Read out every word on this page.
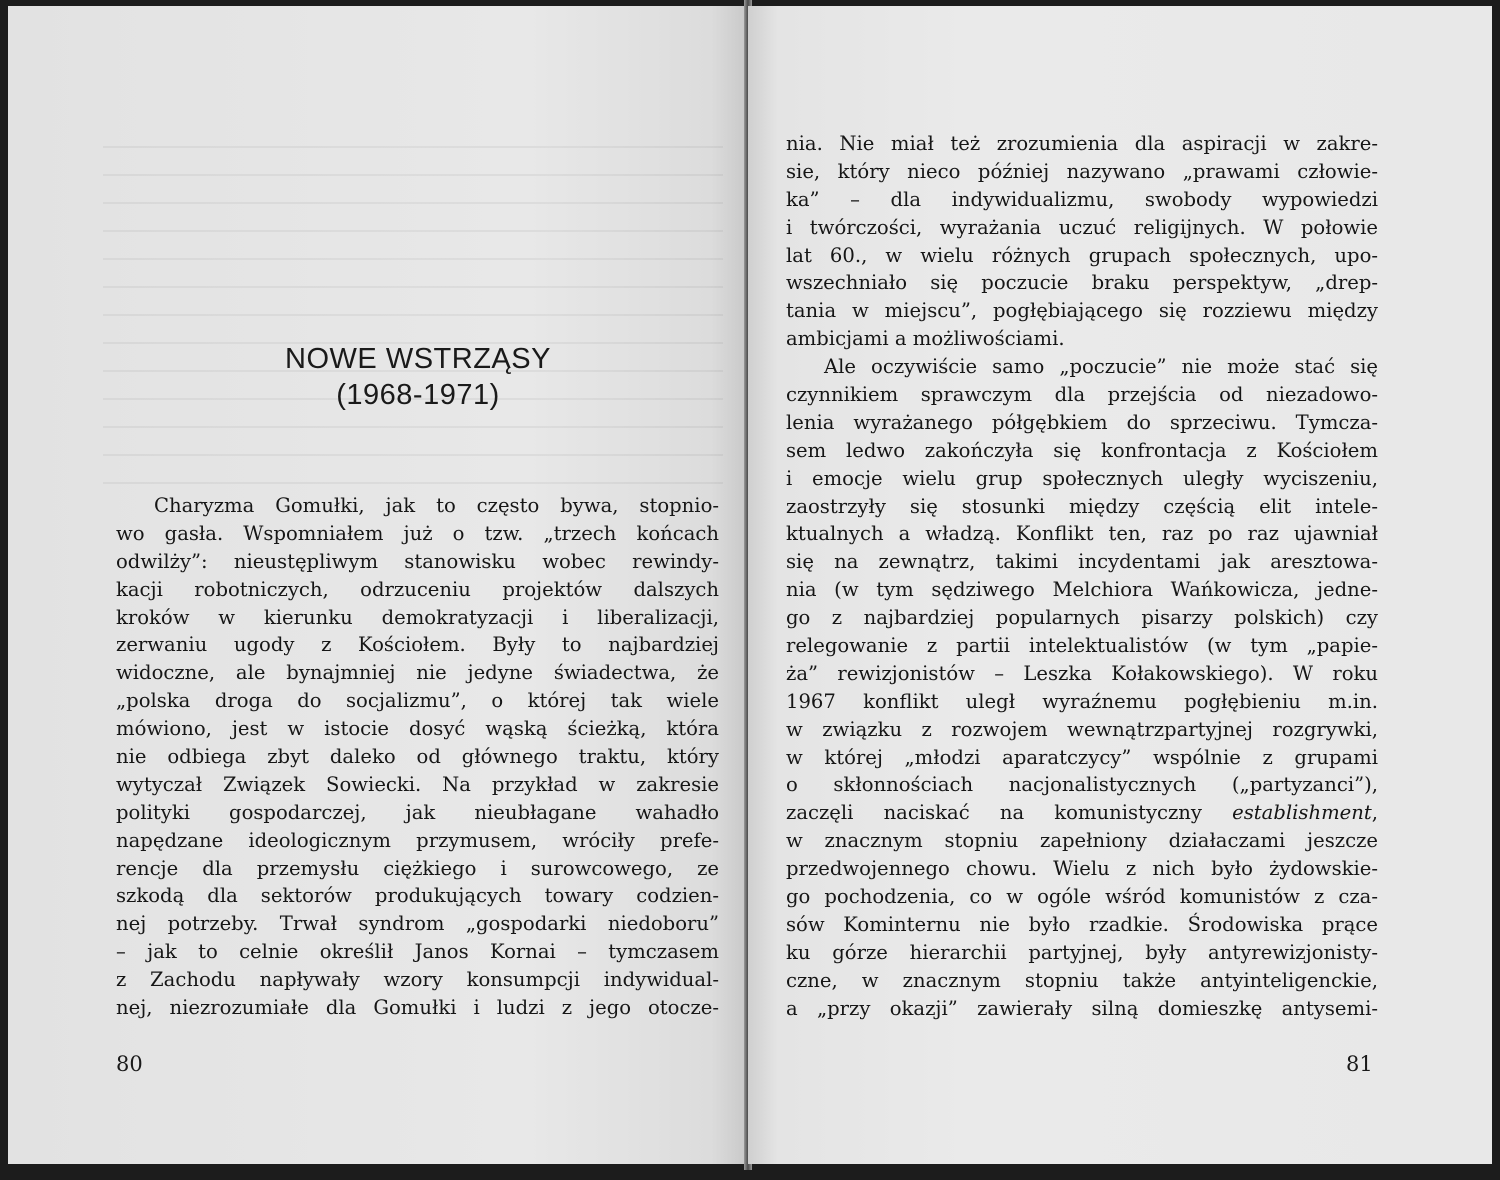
NOWE WSTRZĄSY
(1968-1971)
Charyzma Gomułki, jak to często bywa, stopnio-
wo gasła. Wspomniałem już o tzw. „trzech końcach
odwilży”: nieustępliwym stanowisku wobec rewindy-
kacji robotniczych, odrzuceniu projektów dalszych
kroków w kierunku demokratyzacji i liberalizacji,
zerwaniu ugody z Kościołem. Były to najbardziej
widoczne, ale bynajmniej nie jedyne świadectwa, że
„polska droga do socjalizmu”, o której tak wiele
mówiono, jest w istocie dosyć wąską ścieżką, która
nie odbiega zbyt daleko od głównego traktu, który
wytyczał Związek Sowiecki. Na przykład w zakresie
polityki gospodarczej, jak nieubłagane wahadło
napędzane ideologicznym przymusem, wróciły prefe-
rencje dla przemysłu ciężkiego i surowcowego, ze
szkodą dla sektorów produkujących towary codzien-
nej potrzeby. Trwał syndrom „gospodarki niedoboru”
– jak to celnie określił Janos Kornai – tymczasem
z Zachodu napływały wzory konsumpcji indywidual-
nej, niezrozumiałe dla Gomułki i ludzi z jego otocze-
80
nia. Nie miał też zrozumienia dla aspiracji w zakre-
sie, który nieco później nazywano „prawami człowie-
ka” – dla indywidualizmu, swobody wypowiedzi
i twórczości, wyrażania uczuć religijnych. W połowie
lat 60., w wielu różnych grupach społecznych, upo-
wszechniało się poczucie braku perspektyw, „drep-
tania w miejscu”, pogłębiającego się rozziewu między
ambicjami a możliwościami.
Ale oczywiście samo „poczucie” nie może stać się
czynnikiem sprawczym dla przejścia od niezadowo-
lenia wyrażanego półgębkiem do sprzeciwu. Tymcza-
sem ledwo zakończyła się konfrontacja z Kościołem
i emocje wielu grup społecznych uległy wyciszeniu,
zaostrzyły się stosunki między częścią elit intele-
ktualnych a władzą. Konflikt ten, raz po raz ujawniał
się na zewnątrz, takimi incydentami jak aresztowa-
nia (w tym sędziwego Melchiora Wańkowicza, jedne-
go z najbardziej popularnych pisarzy polskich) czy
relegowanie z partii intelektualistów (w tym „papie-
ża” rewizjonistów – Leszka Kołakowskiego). W roku
1967 konflikt uległ wyraźnemu pogłębieniu m.in.
w związku z rozwojem wewnątrzpartyjnej rozgrywki,
w której „młodzi aparatczycy” wspólnie z grupami
o skłonnościach nacjonalistycznych („partyzanci”),
zaczęli naciskać na komunistyczny establishment,
w znacznym stopniu zapełniony działaczami jeszcze
przedwojennego chowu. Wielu z nich było żydowskie-
go pochodzenia, co w ogóle wśród komunistów z cza-
sów Kominternu nie było rzadkie. Środowiska prące
ku górze hierarchii partyjnej, były antyrewizjonisty-
czne, w znacznym stopniu także antyinteligenckie,
a „przy okazji” zawierały silną domieszkę antysemi-
81
